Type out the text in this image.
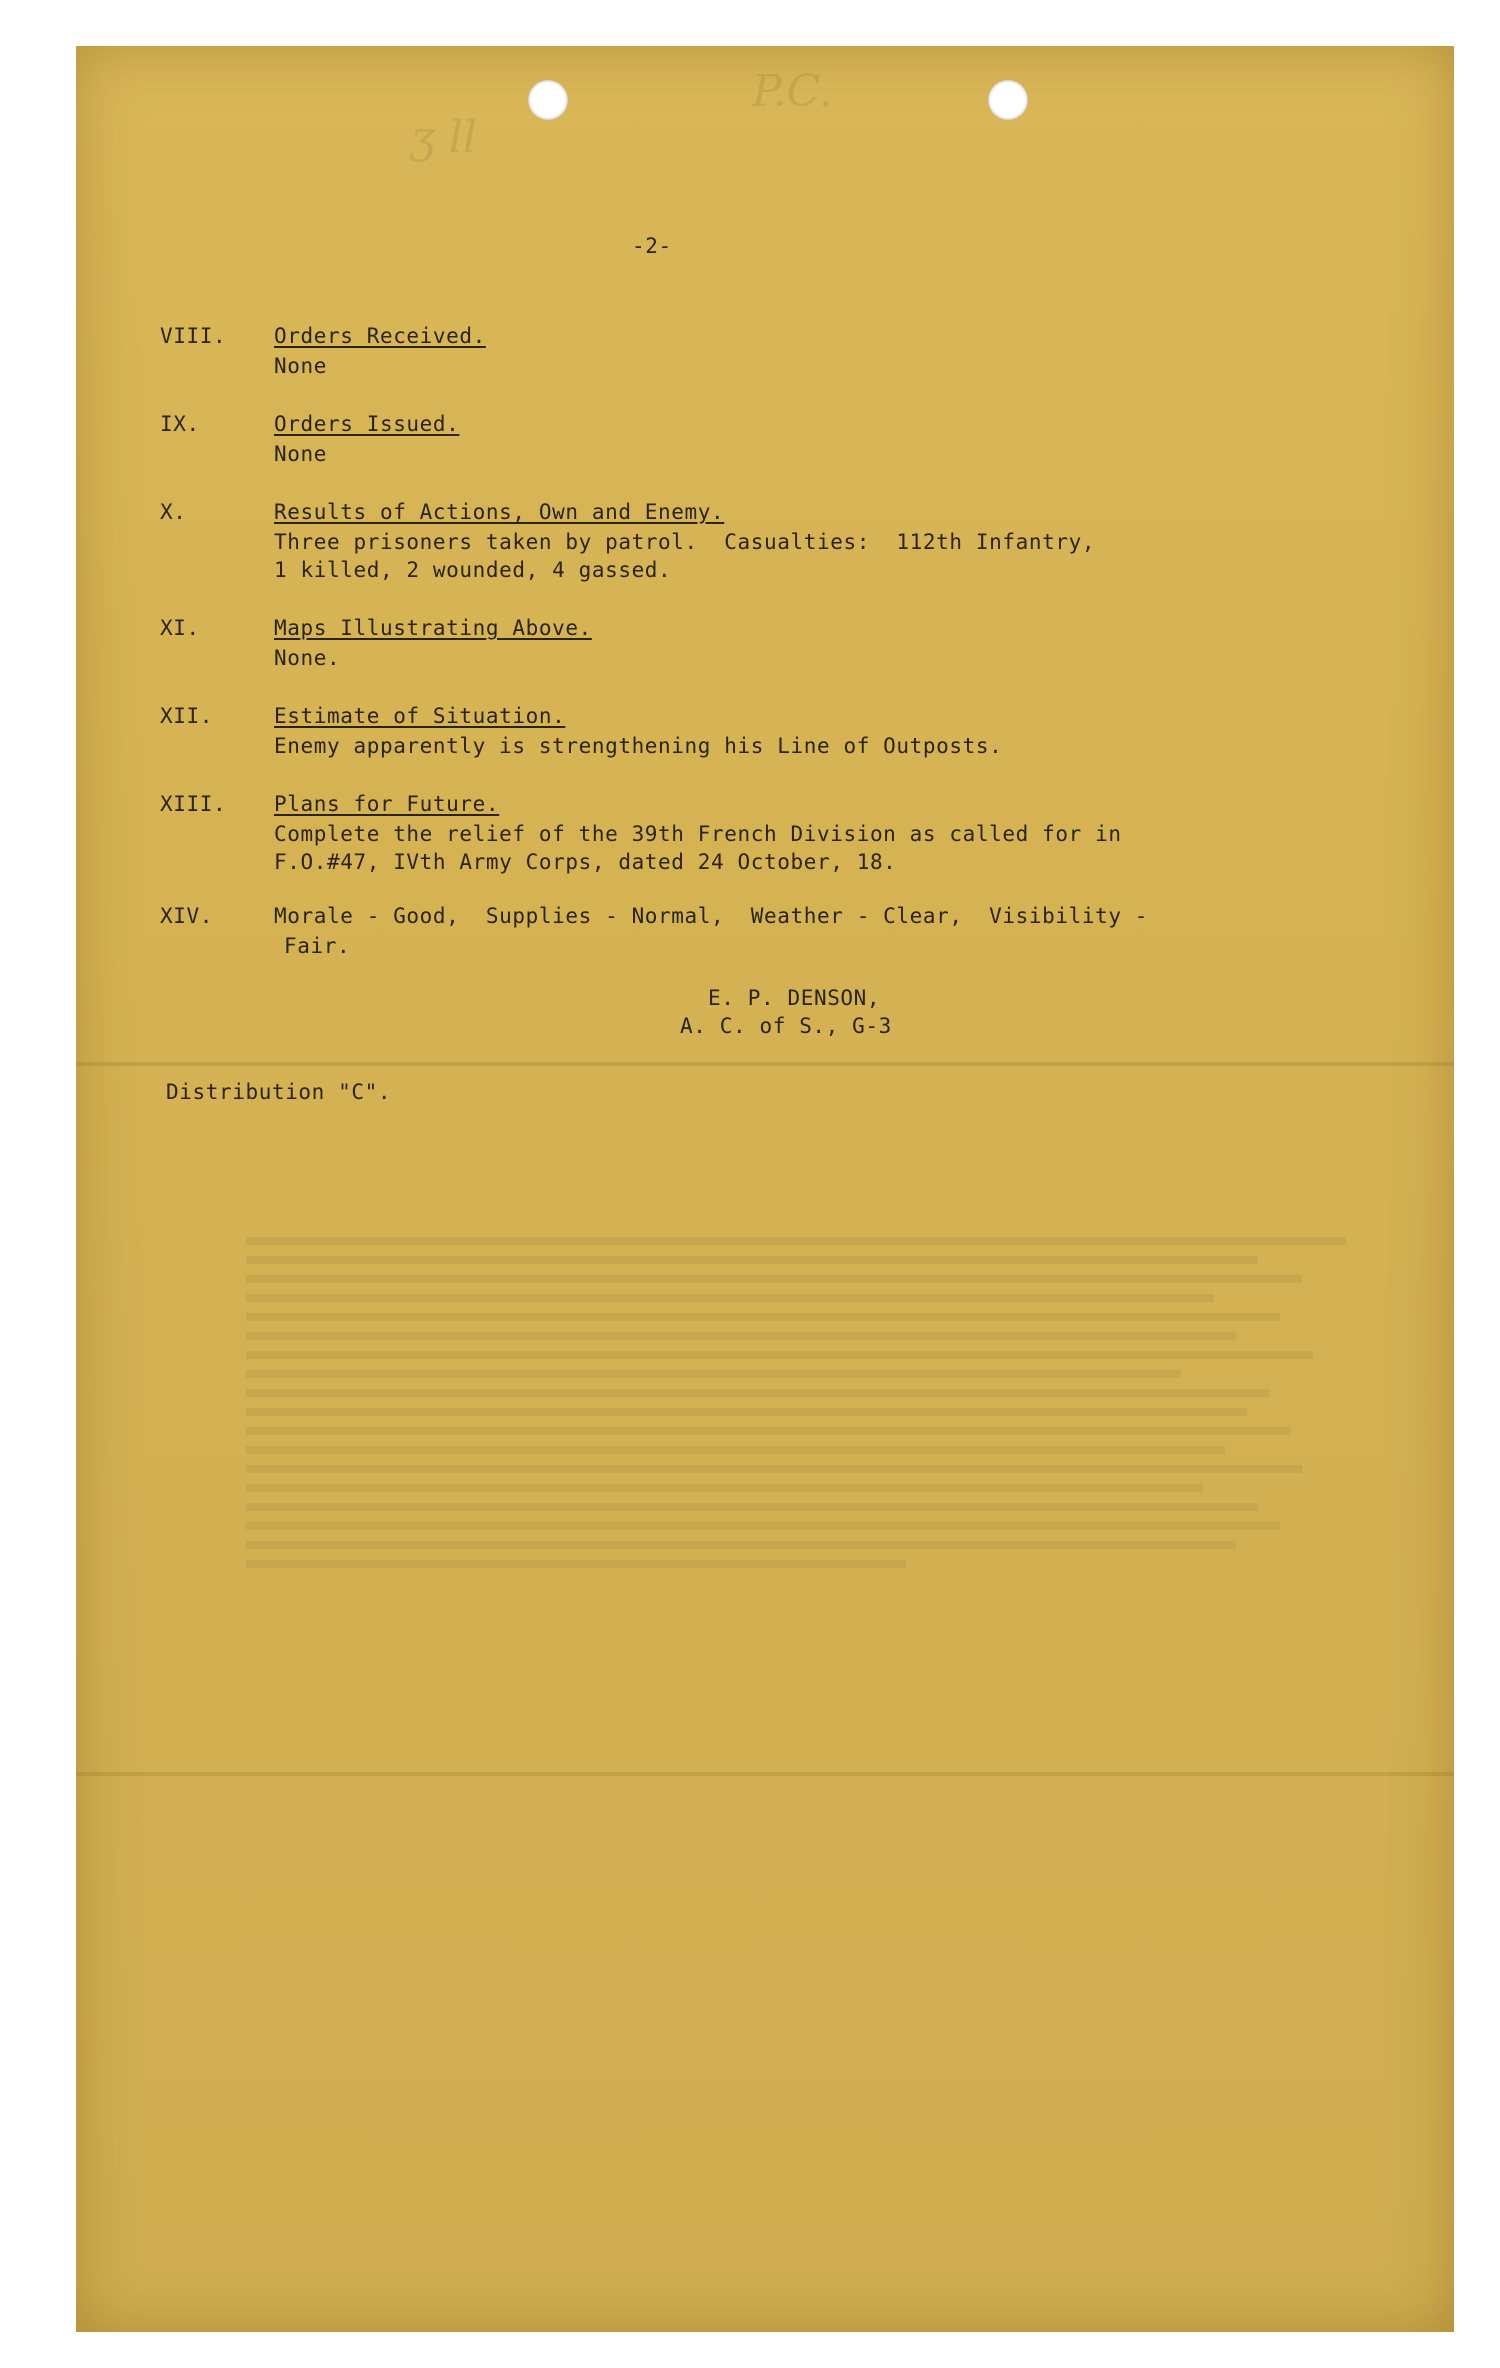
ʒ ll
P.C.
-2-
VIII. Orders Received.
None
IX.	Orders Issued.
None
X.	Results of Actions, Own and Enemy.
Three prisoners taken by patrol.  Casualties:  112th Infantry,
1 killed, 2 wounded, 4 gassed.
XI.	Maps Illustrating Above.
None.
XII.	Estimate of Situation.
Enemy apparently is strengthening his Line of Outposts.
XIII. Plans for Future.
Complete the relief of the 39th French Division as called for in
F.O.#47, IVth Army Corps, dated 24 October, 18.
XIV.	Morale - Good,  Supplies - Normal,  Weather - Clear,  Visibility -
Fair.
E. P. DENSON,
A. C. of S., G-3
Distribution "C".
